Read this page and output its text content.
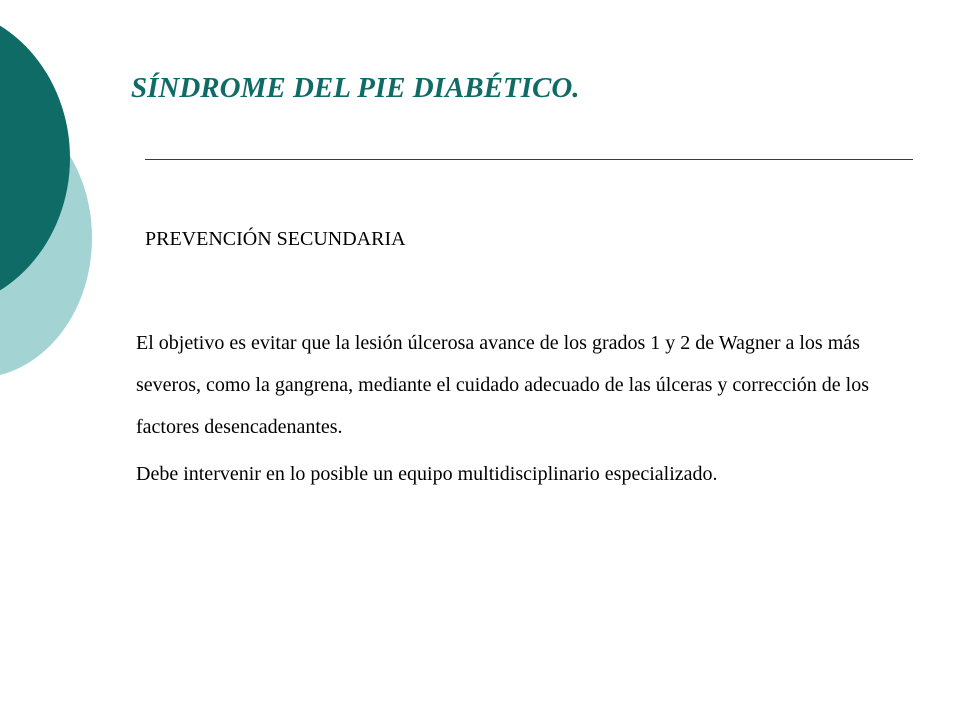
SÍNDROME DEL PIE DIABÉTICO.

PREVENCIÓN SECUNDARIA

El objetivo es evitar que la lesión úlcerosa avance de los grados 1 y 2 de Wagner a los más severos, como la gangrena, mediante el cuidado adecuado de las úlceras y corrección de los factores desencadenantes.

Debe intervenir en lo posible un equipo multidisciplinario especializado.
